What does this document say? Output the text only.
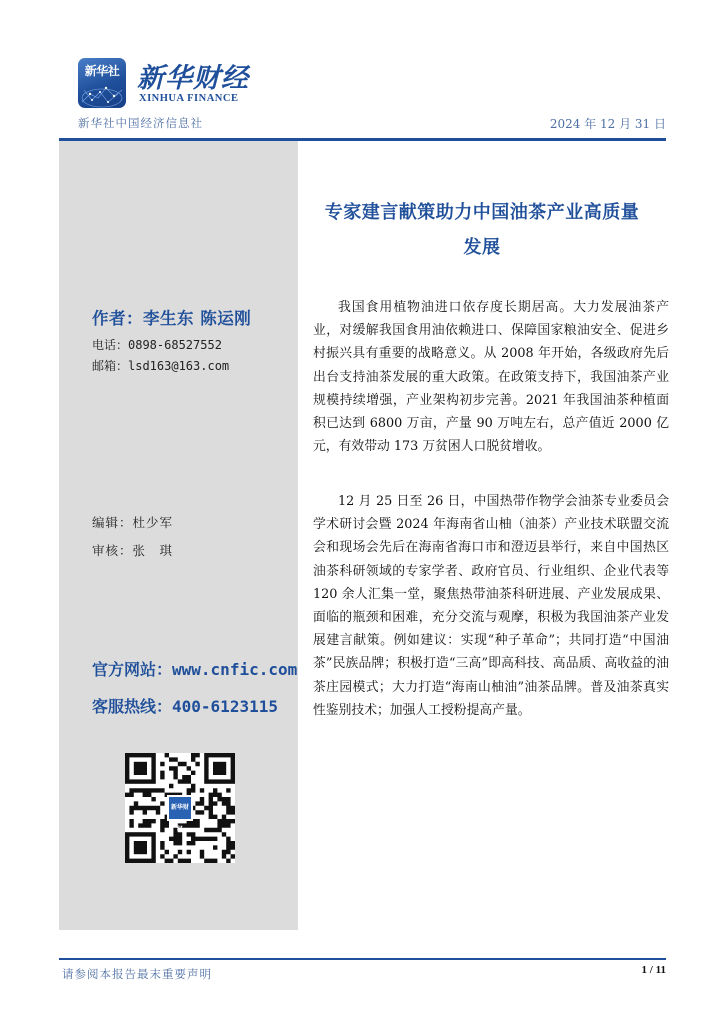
新华社 新华财经
XINHUA FINANCE
新华社中国经济信息社	2024 年 12 月 31 日
作者：李生东 陈运刚
电话：0898-68527552
邮箱：lsd163@163.com
编辑：杜少军
审核：张　琪
官方网站：www.cnfic.com
客服热线：400-6123115
新华财经
专家建言献策助力中国油茶产业高质量
发展

我国食用植物油进口依存度长期居高。大力发展油茶产业，对缓解我国食用油依赖进口、保障国家粮油安全、促进乡村振兴具有重要的战略意义。从 2008 年开始，各级政府先后出台支持油茶发展的重大政策。在政策支持下，我国油茶产业规模持续增强，产业架构初步完善。2021 年我国油茶种植面积已达到 6800 万亩，产量 90 万吨左右，总产值近 2000 亿元，有效带动 173 万贫困人口脱贫增收。

12 月 25 日至 26 日，中国热带作物学会油茶专业委员会学术研讨会暨 2024 年海南省山柚（油茶）产业技术联盟交流会和现场会先后在海南省海口市和澄迈县举行，来自中国热区油茶科研领域的专家学者、政府官员、行业组织、企业代表等 120 余人汇集一堂，聚焦热带油茶科研进展、产业发展成果、面临的瓶颈和困难，充分交流与观摩，积极为我国油茶产业发展建言献策。例如建议：实现“种子革命”；共同打造“中国油茶”民族品牌；积极打造“三高”即高科技、高品质、高收益的油茶庄园模式；大力打造“海南山柚油”油茶品牌。普及油茶真实性鉴别技术；加强人工授粉提高产量。

请参阅本报告最末重要声明	1 / 11
